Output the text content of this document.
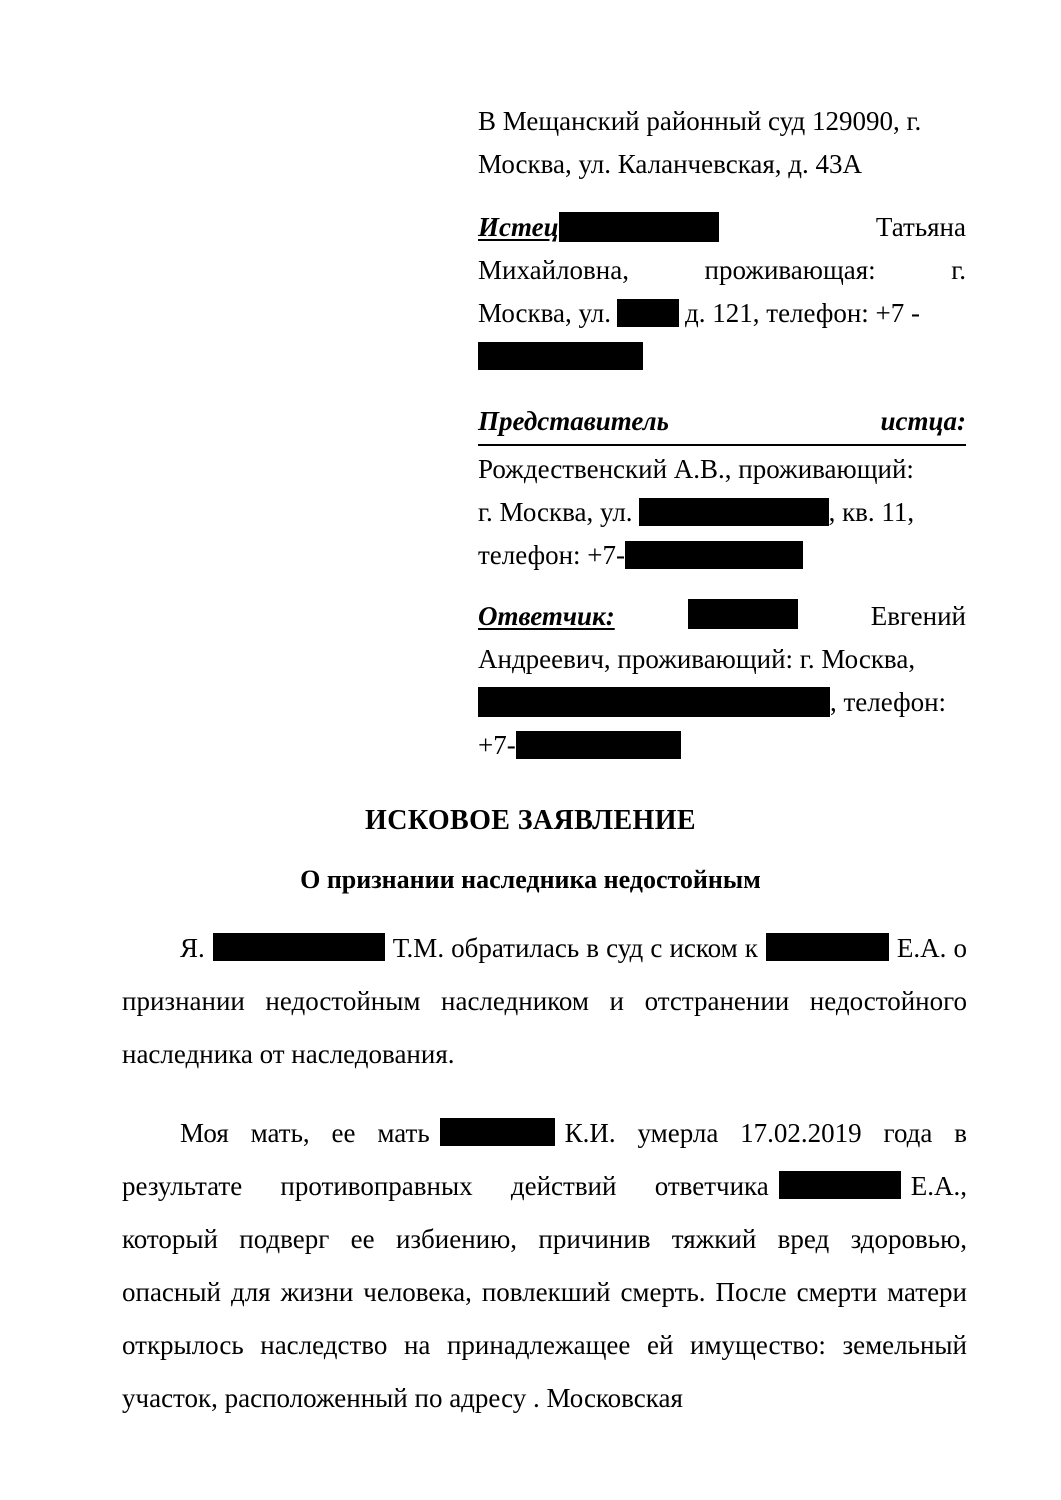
В Мещанский районный суд 129090, г.
Москва, ул. Каланчевская, д. 43А

Истец	Татьяна
Михайловна,	проживающая:	г.
Москва, ул.	д. 121, телефон: +7 -

Представитель	истца:

Рождественский А.В., проживающий:
г. Москва, ул.	, кв. 11,
телефон: +7-

Ответчик:	Евгений
Андреевич, проживающий: г. Москва,
, телефон:
+7-

ИСКОВОЕ ЗАЯВЛЕНИЕ
О признании наследника недостойным

Я.	Т.М. обратилась в суд с иском к	Е.А. о признании недостойным наследником и отстранении недостойного наследника от наследования.

Моя мать, ее мать	К.И. умерла 17.02.2019 года в результате противоправных действий ответчика	Е.А., который подверг ее избиению, причинив тяжкий вред здоровью, опасный для жизни человека, повлекший смерть. После смерти матери открылось наследство на принадлежащее ей имущество: земельный участок, расположенный по адресу . Московская
